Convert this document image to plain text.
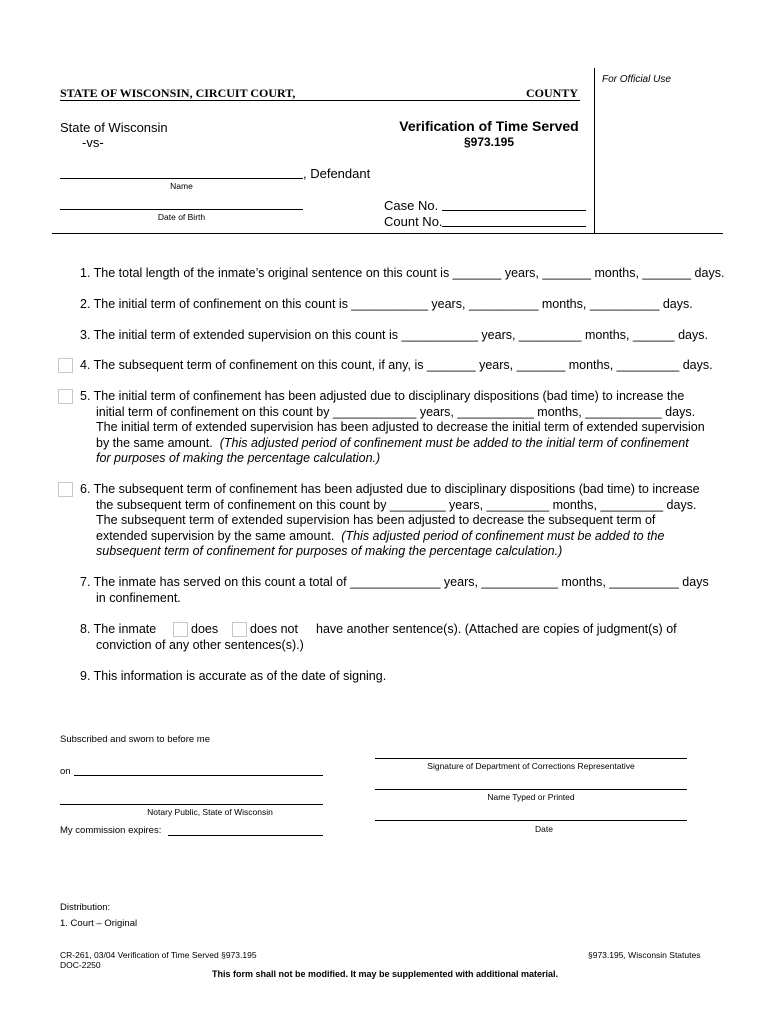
For Official Use
STATE OF WISCONSIN, CIRCUIT COURT,	COUNTY
State of Wisconsin
-vs-
Verification of Time Served
§973.195
, Defendant
Name
Date of Birth
Case No.
Count No.
1. The total length of the inmate’s original sentence on this count is _______ years, _______ months, _______ days.
2. The initial term of confinement on this count is ___________ years, __________ months, __________ days.
3. The initial term of extended supervision on this count is ___________ years, _________ months, ______ days.
4. The subsequent term of confinement on this count, if any, is _______ years, _______ months, _________ days.
5. The initial term of confinement has been adjusted due to disciplinary dispositions (bad time) to increase the
initial term of confinement on this count by ____________ years, ___________ months, ___________ days.
The initial term of extended supervision has been adjusted to decrease the initial term of extended supervision
by the same amount. (This adjusted period of confinement must be added to the initial term of confinement
for purposes of making the percentage calculation.)
6. The subsequent term of confinement has been adjusted due to disciplinary dispositions (bad time) to increase
the subsequent term of confinement on this count by ________ years, _________ months, _________ days.
The subsequent term of extended supervision has been adjusted to decrease the subsequent term of
extended supervision by the same amount. (This adjusted period of confinement must be added to the
subsequent term of confinement for purposes of making the percentage calculation.)
7. The inmate has served on this count a total of _____________ years, ___________ months, __________ days
in confinement.
8. The inmate	does	does not have another sentence(s). (Attached are copies of judgment(s) of
conviction of any other sentences(s).)
9. This information is accurate as of the date of signing.
Subscribed and sworn to before me
on
Notary Public, State of Wisconsin
My commission expires:
Signature of Department of Corrections Representative
Name Typed or Printed
Date
Distribution:
1. Court – Original
CR-261, 03/04 Verification of Time Served §973.195
DOC-2250
§973.195, Wisconsin Statutes
This form shall not be modified. It may be supplemented with additional material.
